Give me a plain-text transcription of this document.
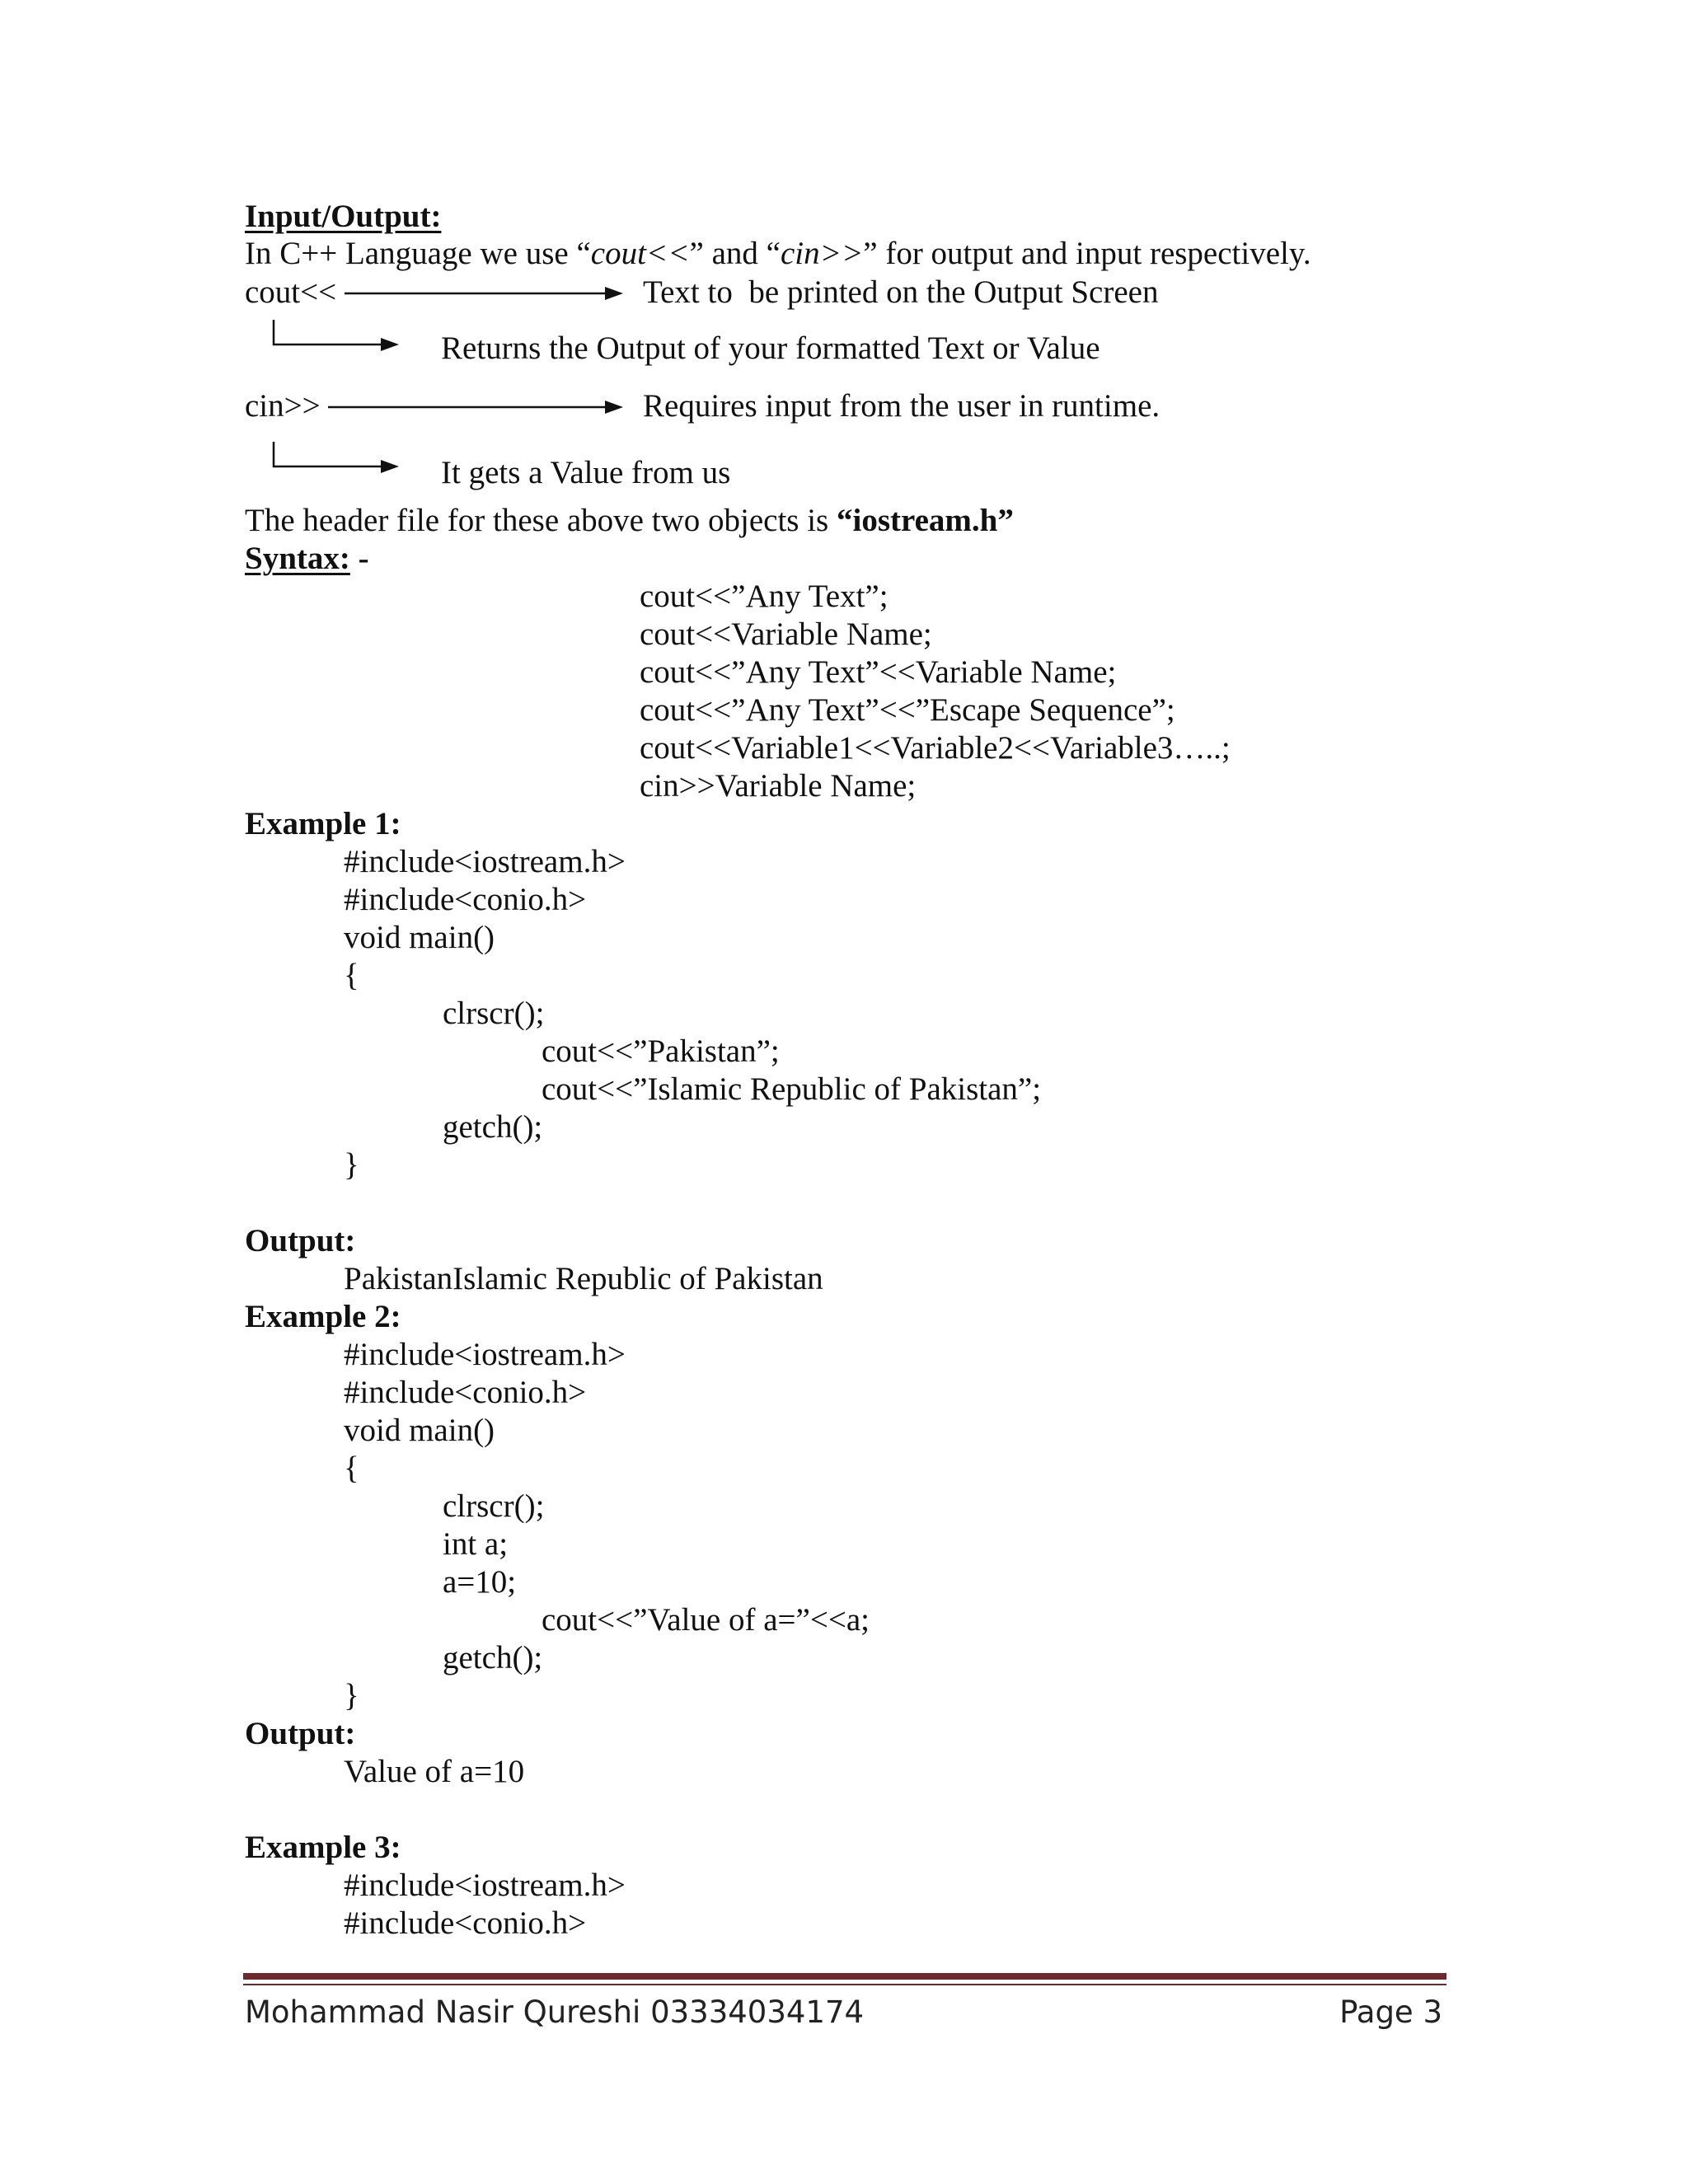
Input/Output:
In C++ Language we use “cout<<” and “cin>>” for output and input respectively.
cout<<	Text to  be printed on the Output Screen
Returns the Output of your formatted Text or Value
cin>>	Requires input from the user in runtime.
It gets a Value from us
The header file for these above two objects is “iostream.h”
Syntax: -
cout<<”Any Text”;
cout<<Variable Name;
cout<<”Any Text”<<Variable Name;
cout<<”Any Text”<<”Escape Sequence”;
cout<<Variable1<<Variable2<<Variable3…..;
cin>>Variable Name;
Example 1:
#include<iostream.h>
#include<conio.h>
void main()
{
clrscr();
cout<<”Pakistan”;
cout<<”Islamic Republic of Pakistan”;
getch();
}
Output:
PakistanIslamic Republic of Pakistan
Example 2:
#include<iostream.h>
#include<conio.h>
void main()
{
clrscr();
int a;
a=10;
cout<<”Value of a=”<<a;
getch();
}
Output:
Value of a=10
Example 3:
#include<iostream.h>
#include<conio.h>
Mohammad Nasir Qureshi 03334034174	Page 3
